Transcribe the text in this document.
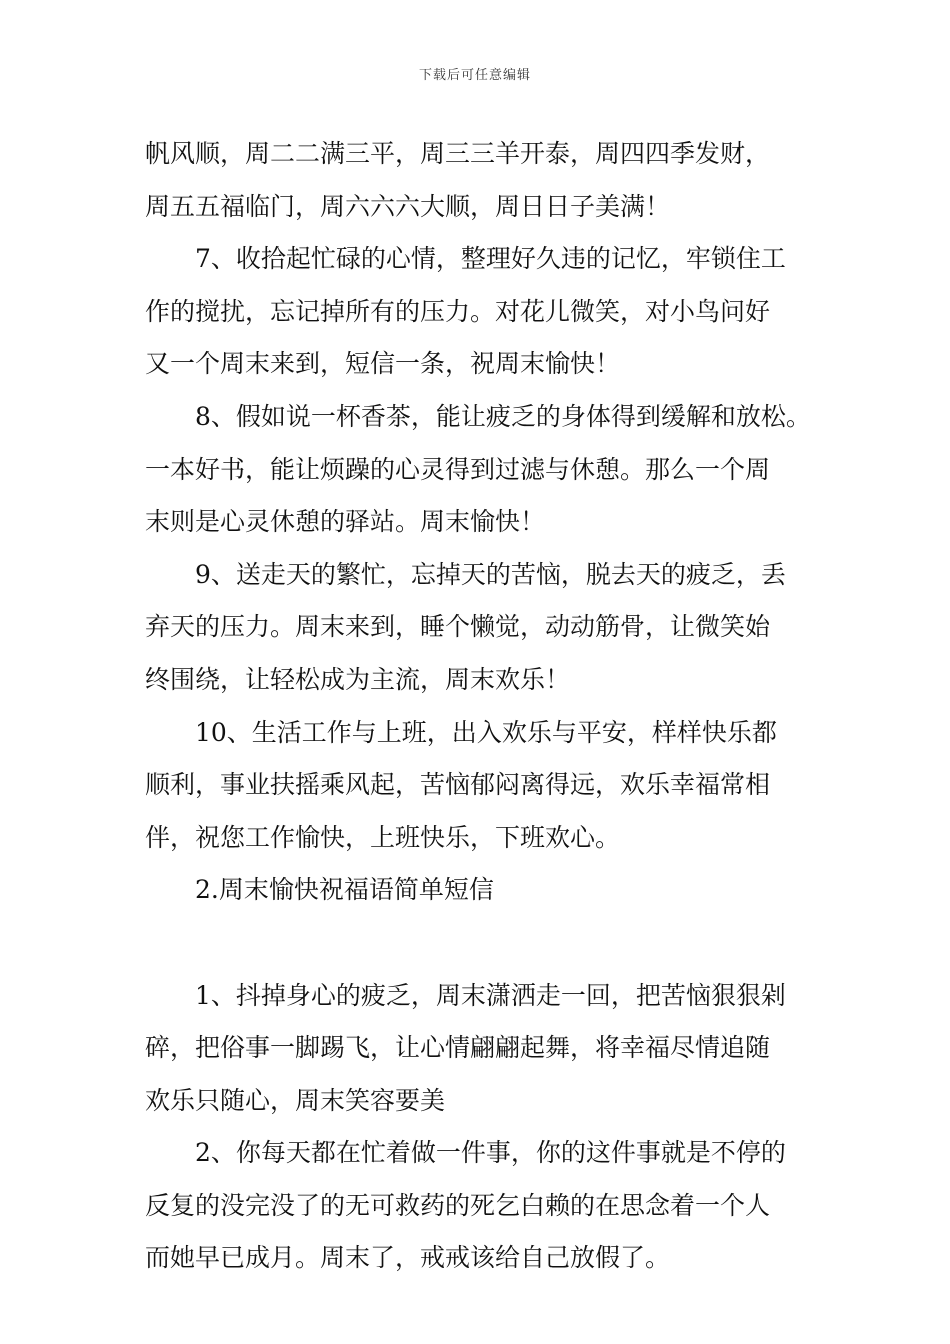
下载后可任意编辑

帆风顺，周二二满三平，周三三羊开泰，周四四季发财，
周五五福临门，周六六六大顺，周日日子美满！

7、收拾起忙碌的心情，整理好久违的记忆，牢锁住工
作的搅扰，忘记掉所有的压力。对花儿微笑，对小鸟问好
又一个周末来到，短信一条，祝周末愉快！

8、假如说一杯香茶，能让疲乏的身体得到缓解和放松。
一本好书，能让烦躁的心灵得到过滤与休憩。那么一个周
末则是心灵休憩的驿站。周末愉快！

9、送走天的繁忙，忘掉天的苦恼，脱去天的疲乏，丢
弃天的压力。周末来到，睡个懒觉，动动筋骨，让微笑始
终围绕，让轻松成为主流，周末欢乐！

10、生活工作与上班，出入欢乐与平安，样样快乐都
顺利，事业扶摇乘风起，苦恼郁闷离得远，欢乐幸福常相
伴，祝您工作愉快，上班快乐，下班欢心。

2.周末愉快祝福语简单短信

1、抖掉身心的疲乏，周末潇洒走一回，把苦恼狠狠剁
碎，把俗事一脚踢飞，让心情翩翩起舞，将幸福尽情追随
欢乐只随心，周末笑容要美

2、你每天都在忙着做一件事，你的这件事就是不停的
反复的没完没了的无可救药的死乞白赖的在思念着一个人
而她早已成月。周末了，戒戒该给自己放假了。
